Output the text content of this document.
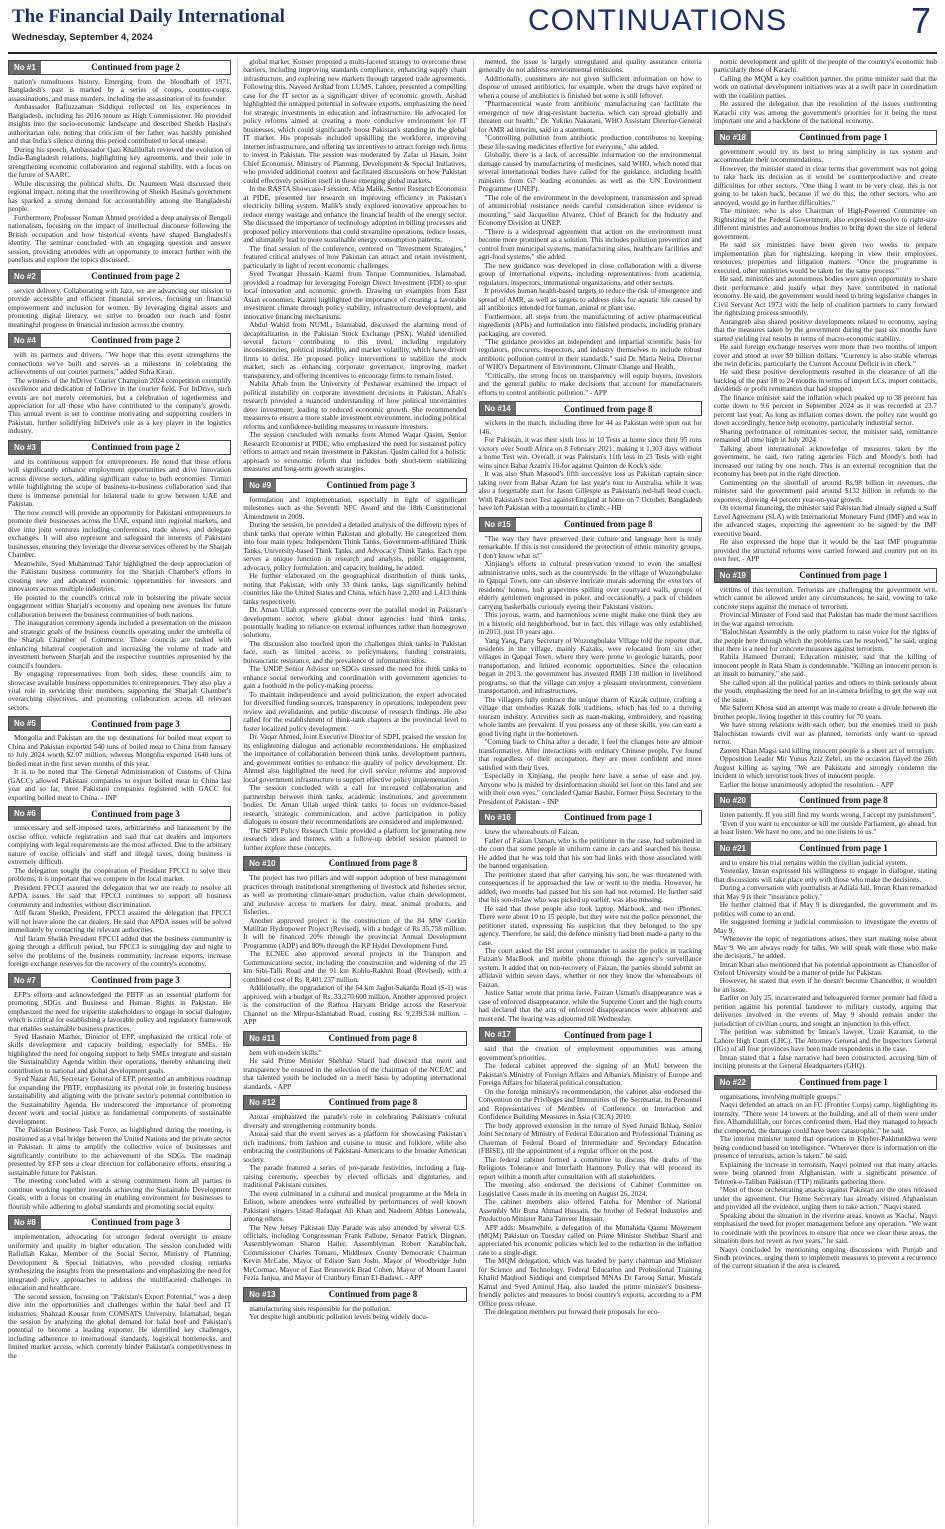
The Financial Daily International
Wednesday, September 4, 2024
CONTINUATIONS	7
No #1	Continued from page 2

nation's tumultuous history. Emerging from the bloodbath of 1971, Bangladesh's past is marked by a series of coups, counter-coups, assassinations, and mass murders, including the assassination of its founder.

Ambassador Rafiuzzaman Siddiqui reflected on his experiences in Bangladesh, including his 2016 tenure as High Commissioner. He provided insights into the socio-economic landscape and described Sheikh Hasina's authoritarian rule, noting that criticism of her father was harshly punished and that India's silence during this period contributed to local unease.

During his speech, Ambassador Qazi Khalilullah reviewed the evolution of India-Bangladesh relations, highlighting key agreements, and their role in strengthening economic collaboration and regional stability, with a focus on the future of SAARC.

While discussing the political shifts, Dr. Naumeen Wasi discussed their regional impact, noting that the overthrowing of Sheikh Hasina's government has sparked a strong demand for accountability among the Bangladeshi people.

Furthermore, Professor Noman Ahmed provided a deep analysis of Bengali nationalism, focusing on the impact of intellectual discourse following the British occupation and how historical events have shaped Bangladesh's identity. The seminar concluded with an engaging question and answer session, providing attendees with an opportunity to interact further with the panelists and explore the topics discussed.

No #2	Continued from page 2

service delivery. Collaborating with Jazz, we are advancing our mission to provide accessible and efficient financial services, focusing on financial empowerment and inclusion for women. By leveraging digital assets and promoting digital literacy, we strive to broaden our reach and foster meaningful progress in financial inclusion across the country.

No #4	Continued from page 2

with its partners and drivers. "We hope that this event strengthens the connections we've built and serves as a milestone in celebrating the achievements of our courier partners," added Sidra Kiran.

The winners of the InDrive Courier Champion 2024 competition exemplify excellence and dedication of InDrive in the courier field. For InDrive, such events are not merely ceremonies, but a celebration of togetherness and appreciation for all those who have contributed to the company's growth. This annual event is set to continue motivating and supporting couriers in Pakistan, further solidifying InDrive's role as a key player in the logistics industry.

No #3	Continued from page 2

and its continuous support for entrepreneurs. He noted that these efforts will significantly enhance employment opportunities and drive innovation across diverse sectors, adding significant value to both economies. Tirmizi while highlighting the scope of business-to-business collaboration said that there is immense potential for bilateral trade to grow between UAE and Pakistan.

The now council will provide an opportunity for Pakistani entrepreneurs to promote their businesses across the UAE, expand into regional markets, and dive into joint ventures including conferences, trade shows, and delegate exchanges. It will also represent and safeguard the interests of Pakistani businesses, ensuring they leverage the diverse services offered by the Sharjah Chamber.

Meanwhile, Syed Muhammad Tahir highlighted the deep appreciation of the Pakistani business community for the Sharjah Chamber's efforts in creating new and advanced economic opportunities for investors and innovators across multiple industries.

He pointed to the council's critical role in bolstering the private sector engagement within Sharjah's economy and opening new avenues for future collaboration between the business communities of both nations.

The inauguration ceremony agenda included a presentation on the mission and strategic goals of the business councils operating under the umbrella of the Sharjah Chamber of Commerce. These councils are tasked with enhancing bilateral cooperation and increasing the volume of trade and investment between Sharjah and the respective countries represented by the council's founders.

By engaging representatives from both sides, these councils aim to showcase available business opportunities to entrepreneurs. They also play a vital role in servicing their members, supporting the Sharjah Chamber's overarching objectives, and promoting collaboration across all relevant sectors.

No #5	Continued from page 3

Mongolia and Pakistan are the top destinations for boiled meat export to China and Pakistan exported 540 tons of boiled meat to China from January to July 2024 worth $2.07 million, whereas Mongolia exported 1640 tons of boiled meat in the first seven months of this year.

It is to be noted that The General Administration of Customs of China (GACC) allowed Pakistani companies to export boiled meat to China last year and so far, three Pakistani companies registered with GACC for exporting boiled meat to China. - INP

No #6	Continued from page 3

unnecessary and self-imposed taxes, arbitrariness and harassment by the excise office, vehicle registration and said that car dealers and importers complying with legal requirements are the most affected. Due to the arbitrary nature of excise officials and staff and illegal taxes, doing business is extremely difficult.

The delegation sought the cooperation of President FPCCI to solve their problems, it is important that we compete in the local market.

President FPCCI assured the delegation that we are ready to resolve all APDA issues. He said that FPCCI continues to support all business community and industries without discrimination.

Atif Ikram Sheikh, President, FPCCI assured the delegation that FPCCI will not leave alone the car dealers. He said that APDA issues will be solved immediately by contacting the relevant authorities.

Atif Ikram Sheikh President FPCCI added that the business community is going through a difficult period, but FPCCI is struggling day and night to solve the problems of the business community, increase exports, increase foreign exchange reserves for the recovery of the country's economy.

No #7	Continued from page 3

EFP's efforts and acknowledged the PBTF as an essential platform for promoting SDGs and Business and Human Rights in Pakistan. He emphasized the need for tripartite stakeholders to engage in social dialogue, which is critical for establishing a favorable policy and regulatory framework that enables sustainable business practices.

Syed Hasnain Mazher, Director of EFP, emphasized the critical role of skills development and capacity building, especially for SMEs. He highlighted the need for ongoing support to help SMEs integrate and sustain the Sustainability Agenda within their operations, thereby enhancing their contribution to national and global development goals.

Syed Nazar Ali, Secretary General of EFP, presented an ambitious roadmap for expanding the PBTF, emphasizing its pivotal role in fostering business sustainability and aligning with the private sector's potential contribution to the Sustainability Agenda. He underscored the importance of promoting decent work and social justice as fundamental components of sustainable development.

The Pakistan Business Task Force, as highlighted during the meeting, is positioned as a vital bridge between the United Nations and the private sector in Pakistan. It aims to amplify the collective voice of businesses and significantly contribute to the achievement of the SDGs. The roadmap presented by EFP sets a clear direction for collaborative efforts, ensuring a sustainable future for Pakistan.

The meeting concluded with a strong commitment from all parties to continue working together towards achieving the Sustainable Development Goals, with a focus on creating an enabling environment for businesses to flourish while adhering to global standards and promoting social equity.

No #8	Continued from page 3

implementation, advocating for stronger federal oversight to ensure uniformity and quality in higher education. The session concluded with Rafiullah Kakar, Member of the Social Sector, Ministry of Planning, Development & Special Initiatives, who provided closing remarks synthesizing the insights from the presentations and emphasizing the need for integrated policy approaches to address the multifaceted challenges in education and healthcare.

The second session, focusing on "Pakistan's Export Potential," was a deep dive into the opportunities and challenges within the halal beef and IT industries. Shahzad Kousar from COMSATS University, Islamabad, began the session by analyzing the global demand for halal beef and Pakistan's potential to become a leading exporter. He identified key challenges, including adherence to international standards, logistical bottlenecks, and limited market access, which currently hinder Pakistan's competitiveness in the

global market. Kouser proposed a multi-faceted strategy to overcome these barriers, including improving standards compliance, enhancing supply chain infrastructure, and exploring new markets through targeted trade agreements. Following this, Naveed Arshad from LUMS, Lahore, presented a compelling case for the IT sector as a significant driver of economic growth. Arshad highlighted the untapped potential in software exports, emphasizing the need for strategic investments in education and infrastructure. He advocated for policy reforms aimed at creating a more conducive environment for IT businesses, which could significantly boost Pakistan's standing in the global IT market. His proposals included upskilling the workforce, improving internet infrastructure, and offering tax incentives to attract foreign tech firms to invest in Pakistan. The session was moderated by Zafar ul Hasan, Joint Chief Economist, Ministry of Planning, Development & Special Initiatives, who provided additional context and facilitated discussions on how Pakistan could effectively position itself in these emerging global markets.

In the RASTA Showcase-I session, Afia Malik, Senior Research Economist at PIDE, presented her research on improving efficiency in Pakistan's electricity billing system. Malik's study explored innovative approaches to reduce energy wastage and enhance the financial health of the energy sector. She discussed the importance of technology adoption in billing processes and proposed policy interventions that could streamline operations, reduce losses, and ultimately lead to more sustainable energy consumption patterns.

The final session of the conference, centered on "Investment Strategies," featured critical analyses of how Pakistan can attract and retain investment, particularly in light of recent economic challenges.

Syed Twangar Hussain Kazmi from Torque Communities, Islamabad, provided a roadmap for leveraging Foreign Direct Investment (FDI) to spur local innovation and economic growth. Drawing on examples from East Asian economies, Kazmi highlighted the importance of creating a favorable investment climate through policy stability, infrastructure development, and innovative financing mechanisms.

Abdul Wahid from NUML, Islamabad, discussed the alarming trend of decapitalization in the Pakistan Stock Exchange (PSX). Wahid identified several factors contributing to this trend, including regulatory inconsistencies, political instability, and market volatility, which have driven firms to delist. He proposed policy interventions to stabilize the stock market, such as enhancing corporate governance, improving market transparency, and offering incentives to encourage firms to remain listed.

Nabila Aftab from the University of Peshawar examined the impact of political instability on corporate investment decisions in Pakistan. Aftab's research provided a nuanced understanding of how political uncertainties deter investment, leading to reduced economic growth. She recommended measures to ensure a more stable investment environment, including political reforms and confidence-building measures to reassure investors.

The session concluded with remarks from Ahmed Waqar Qasim, Senior Research Economist at PIDE, who emphasized the need for sustained policy efforts to attract and retain investment in Pakistan. Qasim called for a holistic approach to economic reform that includes both short-term stabilizing measures and long-term growth strategies.

No #9	Continued from page 3

formulation and implementation, especially in light of significant milestones such as the Seventh NFC Award and the 18th Constitutional Amendment in 2009.

During the session, he provided a detailed analysis of the different types of think tanks that operate within Pakistan and globally. He categorized them into four main types: Independent Think Tanks, Government-affiliated Think Tanks, University-based Think Tanks, and Advocacy Think Tanks. Each type serves a unique function in research and analysis, public engagement, advocacy, policy formulation, and capacity building, he added.

He further elaborated on the geographical distribution of think tanks, noting that Pakistan, with only 33 think tanks, lags significantly behind countries like the United States and China, which have 2,203 and 1,413 think tanks respectively.

Dr. Aman Ullah expressed concerns over the parallel model in Pakistan's development sector, where global donor agencies fund think tanks, potentially leading to reliance on external influences rather than homegrown solutions.

The discussion also touched upon the challenges think tanks in Pakistan face, such as limited access to policymakers, funding constraints, bureaucratic resistance, and the prevalence of information silos.

The UNDP Senior Advisor on SDGs stressed the need for think tanks to enhance social networking and coordination with government agencies to gain a foothold in the policy-making process.

To maintain independence and avoid politicization, the expert advocated for diversified funding sources, transparency in operations, independent peer review and revalidation, and public discourse of research findings. He also called for the establishment of think-tank chapters at the provincial level to foster localized policy development.

Dr. Vaqar Ahmed, Joint Executive Director of SDPI, praised the session for its enlightening dialogue and actionable recommendations. He emphasized the importance of collaboration between think tanks, development partners, and government entities to enhance the quality of policy development. Dr. Ahmed also highlighted the need for civil service reforms and improved local government infrastructure to support effective policy implementation.

The session concluded with a call for increased collaboration and partnership between think tanks, academic institutions, and government bodies. Dr. Aman Ullah urged think tanks to focus on evidence-based research, strategic communication, and active participation in policy dialogues to ensure their recommendations are considered and implemented.

The SDPI Policy Research Clinic provided a platform for generating new research ideas and themes, with a follow-up debrief session planned to further explore these concepts.

No #10	Continued from page 8

The project has two pillars and will support adoption of best management practices through institutional strengthening of livestock and fisheries sector, as well as promoting climate-smart production, value chain development, and inclusive access to markets for dairy, meat, animal products, and fisheries.

Another approved project is the construction of the 84 MW Gorkin Matiltan Hydropower Project (Revised), with a budget of Rs 35,758 million. It will be financed 20% through the provincial Annual Development Programme (ADP) and 80% through the KP Hydel Development Fund.

The ECNEC also approved several projects in the Transport and Communications sector, including the construction and widening of the 25 km Sibi-Talli Road and the 91 km Kohlu-Rakhni Road (Revised), with a combined cost of Rs. 8,401.237 million.

Additionally, the upgradation of the 64 km Jaglot-Sakarda Road (S-1) was approved, with a budget of Rs. 33,270.600 million. Another approved project is the construction of the Rathoa Haryam Bridge across the Reservoir Channel on the Mirpur-Islamabad Road, costing Rs. 9,239.534 million. - APP

No #11	Continued from page 8

hem with modern skills."

He said Prime Minister Shehbaz Sharif had directed that merit and transparency be ensured in the selection of the chairman of the NCEAC and that talented youth be included on a merit basis by adopting international standards. - APP

No #12	Continued from page 8

Atozai emphasized the parade's role in celebrating Pakistan's cultural diversity and strengthening community bonds.

Atozai said that the event serves as a platform for showcasing Pakistan's rich traditions, from fashion and cuisine to music and folklore, while also embracing the contributions of Pakistani-Americans to the broader American society.

The parade featured a series of pre-parade festivities, including a flag-raising ceremony, speeches by elected officials and dignitaries, and traditional Pakistani cuisines.

The event culminated in a cultural and musical programme at the Mela in Edison, where attendees were enthralled by performances of well known Pakistani singers Ustad Rafaqaat Ali Khan and Nadeem Abbas Lonewala, among others.

The New Jersey Pakistan Day Parade was also attended by several U.S. officials, including Congressman Frank Pallone, Senator Patrick Diegnan, Assemblywoman Sharon Hailer, Assemblyman Robert Karabinchak, Commissioner Charles Tomaro, Middlesex County Democratic Chairman Kevin McCabe, Mayor of Edison Sam Joshi, Mayor of Woodbridge John McCormac, Mayor of East Brunswick Brad Cohen, Mayor of Mount Laurel Fezia Janjua, and Mayor of Cranbury Eman El-Badawi. - APP

No #13	Continued from page 8

manufacturing sites responsible for the pollution.

Yet despite high antibiotic pollution levels being widely docu-

mented, the issue is largely unregulated and quality assurance criteria generally do not address environmental emissions.

Additionally, consumers are not given sufficient information on how to dispose of unused antibiotics, for example, when the drugs have expired or when a course of antibiotics is finished but some is still leftover.

"Pharmaceutical waste from antibiotic manufacturing can facilitate the emergence of new drug-resistant bacteria, which can spread globally and threaten our health," Dr. Yukiko Nakatani, WHO Assistant Director-General for AMR ad interim, said in a statement.

"Controlling pollution from antibiotic production contributes to keeping these life-saving medicines effective for everyone," she added.

Globally, there is a lack of accessible information on the environmental damage caused by manufacturing of medicines, said WHO, which noted that several international bodies have called for the guidance, including health ministers from G7 leading economies as well as the UN Environment Programme (UNEP).

"The role of the environment in the development, transmission and spread of antimicrobial resistance needs careful consideration since evidence is mounting," said Jacqueline Alvarez, Chief of Branch for the Industry and Economy Division at UNEP.

"There is a widespread agreement that action on the environment must become more prominent as a solution. This includes pollution prevention and control from municipal systems, manufacturing sites, healthcare facilities and agri-food systems," she added.

The new guidance was developed in close collaboration with a diverse group of international experts, including representatives from academia, regulators, inspectors, international organizations, and other sectors.

It provides human health-based targets to reduce the risk of emergence and spread of AMR, as well as targets to address risks for aquatic life caused by all antibiotics intended for human, animal or plant use.

Furthermore, all steps from the manufacturing of active pharmaceutical ingredients (APIs) and formulation into finished products, including primary packaging, are covered.

"The guidance provides an independent and impartial scientific basis for regulators, procurers, inspectors, and industry themselves to include robust antibiotic pollution control in their standards," said Dr. Maria Neira, Director of WHO's Department of Environment, Climate Change and Health.

"Critically, the strong focus on transparency will equip buyers, investors and the general public to make decisions that account for manufacturers efforts to control antibiotic pollution." - APP

No #14	Continued from page 8

wickets in the match, including three for 44 as Pakistan were spun out for 146.

For Pakistan, it was their sixth loss in 10 Tests at home since their 95 runs victory over South Africa on 8 February 2021, making it 1,303 days without a home Test win. Overall, it was Pakistan's 11th loss in 23 Tests with eight wins since Babar Azam's 10-for against Quinton de Kock's side.

It was also Shan Masood's fifth successive loss as Pakistan captain since taking over from Babar Azam for last year's tour to Australia, while it was also a forgettable start for Jason Gillespie as Pakistan's red-ball head coach. With Pakistan's next Test against England at home on 7 October, Bangladesh have left Pakistan with a mountain to climb. - HB

No #15	Continued from page 8

"The way they have preserved their culture and language here is truly remarkable. If this is not considered the protection of ethnic minority groups, I don't know what is!"

Xinjiang's efforts in cultural preservation extend to even the smallest administrative units, such as the countryside. In the village of Wuzongbulake in Qapqal Town, one can observe intricate murals adorning the exteriors of residents' homes, lush grapevines spilling over courtyard walls, groups of elderly gentlemen engrossed in poker, and occasionally, a pack of children carrying basketballs curiously eyeing their Pakistani visitors.

This joyous, warm, and harmonious scene might make one think they are in a historic old neighborhood, but in fact, this village was only established in 2013, just 10 years ago.

Yang Yang, Party Secretary of Wuzongbulake Village told the reporter that, residents in the village, mainly Kazaks, were relocated from six other villages in Qapqal Town, where they were prone to geologic hazards, poor transportation, and limited economic opportunities. Since the relocation began in 2013, the government has invested RMB 130 million in livelihood programs, so that the village can enjoy a pleasant environment, convenient transportation, and infrastructures.

The villagers fully embrace the unique charm of Kazak culture, crafting a village that embodies Kazak folk traditions, which has led to a thriving tourism industry. Activities such as naan-making, embroidery, and roasting whole lambs are prevalent. If you possess any of these skills, you can earn a good living right in the hometown.

"Coming back to China after a decade, I feel the changes here are almost transformative. After interactions with ordinary Chinese people, I've found that regardless of their occupation, they are more confident and more satisfied with their lives.

Especially in Xinjiang, the people here have a sense of ease and joy. Anyone who is misled by disinformation should set foot on this land and see with their own eyes," concluded Qamar Bashir, Former Press Secretary to the President of Pakistan. - INP

No #16	Continued from page 1

knew the whereabouts of Faizan.

Father of Faizan Usman, who is the petitioner in the case, had submitted in the court that some people in uniform came in cars and searched his house. He added that he was told that his son had links with those associated with the banned organisation.

The petitioner stated that after carrying his son, he was threatened with consequences if he approached the law or went to the media. However, he added, two months had passed but his son had not returned. He further said that his son-in-law who was picked up earlier, was also missing.

He said that those people also took laptop, Macbook, and two iPhones. There were about 10 to 15 people, but they were not the police personnel, the petitioner stated, expressing his suspicion that they belonged to the spy agency. Therefore, he said, the defence ministry had been made a party to the case.

The court asked the ISI sector commander to assist the police in tracking Faizan's MacBook and mobile phone through the agency's surveillance system. It added that on non-recovery of Faizan, the parties should submit an affidavit within seven days, whether or not they know the whereabouts of Faizan.

Justice Sattar wrote that prima facie, Faizan Usman's disappearance was a case of enforced disappearance, while the Supreme Court and the high courts had declared that the acts of enforced disappearances were abhorrent and must end. The hearing was adjourned till Wednesday.

No #17	Continued from page 1

said that the creation of employment opportunities was among government's priorities.

The federal cabinet approved the signing of an MoU between the Pakistan's Ministry of Foreign Affairs and Albania's Ministry of Europe and Foreign Affairs for bilateral political consultation.

On the foreign ministry's recommendation, the cabinet also endorsed the Convention on the Privileges and Immunities of the Secretariat, its Personnel and Representatives of Members of Conference on Interaction and Confidence Building Measures in Asia (CICA) 2010.

The body approved extension in the tenure of Syed Junaid Ikhlaq, Senior Joint Secretary of Ministry of Federal Education and Professional Training as Chairman of Federal Board of Intermediate and Secondary Education (FBISE), till the appointment of a regular officer on the post.

The federal cabinet formed a committee to discuss the drafts of the Religious Tolerance and Interfaith Harmony Policy that will proceed its report within a month after consultation with all stakeholders.

The meeting also endorsed the decisions of Cabinet Committee on Legislative Cases made in its meeting on August 26, 2024.

The cabinet members also offered Fateha for Member of National Assembly Mir Buna Ahmad Hussain, the brother of Federal Industries and Production Minister Rana Tanveer Hussain.

APP adds: Meanwhile, a delegation of the Muttahida Qaumi Movement (MQM) Pakistan on Tuesday called on Prime Minister Shehbaz Sharif and appreciated his economic policies which led to the reduction in the inflation rate to a single-digit.

The MQM delegation, which was headed by party chairman and Minister for Science and Technology, Federal Education and Professional Training Khalid Maqbool Siddiqui and comprised MNAs Dr Farooq Sattar, Mustafa Kamal and Syed Aminul Haq, also lauded the prime minister's business-friendly policies and measures to boost country's exports, according to a PM Office press release.

The delegation members put forward their proposals for eco-

nomic development and uplift of the people of the country's economic hub particularly those of Karachi.

Calling the MQM a key coalition partner, the prime minister said that the work on national development initiatives was at a swift pace in coordination with the coalition parties.

He assured the delegation that the resolution of the issues confronting Karachi city was among the government's priorities for it being the most important one and a backbone of the national economy.

No #18	Continued from page 1

government would try its best to bring simplicity in tax system and accommodate their recommendations.

However, the minister stated in clear terms that government was not going to take back its decision as it would be counterproductive and create difficulties for other sectors. "One thing I want to be very clear, this is not going to be taken back, because if we do this, the other sectors, who are annoyed, would go in further difficulties."

The minister, who is also Chairman of High-Powered Committee on Rightsizing of the Federal Government, also expressed resolve to right-size different ministries and autonomous bodies to bring down the size of federal government.

He said six ministries have been given two weeks to prepare implementation plan for rightsizing, keeping in view their employees, resources, properties and litigation matters. "Once the programme is executed, other ministries would be taken for the same process."

He said, ministries and autonomous bodies were given opportunity to share their performance and justify what they have contributed in national economy. He said, the government would need to bring legislative changes in Civil Servant Act 1973 with the help of coalition partners to carry forward the rightsizing process smoothly.

Aurangzeb also shared positive developments related to economy, saying that the measures taken by the government during the past six months have started yielding real results in terms of macro-economic stability.

He said foreign exchange reserves were more than two months of import cover and stood at over $9 billion dollars. "Currency is also stable whereas the twin deficits, particularly the Current Account Deficit is in check."

He said these positive developments resulted in the clearance of all the backlog of the past 18 to 24 months in terms of import LCs, import contracts, dividends or profit remittances that had stopped.

The finance minister said the inflation which peaked up to 38 percent has come down to 9.6 percent in September 2024 as it was recorded at 23.7 percent last year. As long as inflation comes down, the policy rate would go down accordingly, hence help economy, particularly industrial sector.

Sharing performance of remittances sector, the minister said, remittance remained all time high in July 2024.

Talking about international acknowledge of measures taken by the government, he said, two rating agencies Fitch and Moody's both had increased our rating by one notch. This is an external recognition that the economy has been put in the right direction.

Commenting on the shortfall of around Rs.98 billion in revenues, the minister said the government paid around $132 billion in refunds to the exporters, showing 44 percent year-on-year growth.

On external financing, the minister said Pakistan had already signed a Staff Level Agreement (SLA) with International Monetary Fund (IMF) and was in the advanced stages, expecting the agreement to be signed by the IMF executive board.

He also expressed the hope that it would be the last IMF programme provided the structural reforms were carried forward and country put on its own feet. - APP

No #19	Continued from page 1

victims of this terrorism. Terrorists are challenging the government writ, which cannot be allowed under any circumstances, he said, vowing to take concrete steps against the menace of terrorism.

Provincial Minister of Food said that Pakistan has made the most sacrifices in the war against terrorism.

"Balochistan Assembly is the only platform to raise voice for the rights of the people here through which the problems can be resolved," he said, urging that there is a need for concrete measures against terrorism.

Rahila Hameed Durrani, Education minister, said that the killing of innocent people in Rara Sham is condemnable. "Killing an innocent person is an insult to humanity," she said.

She called upon all the political parties and others to think seriously about the youth, emphasizing the need for an in-camera briefing to get the way out of the issue.

Mir Saleem Khosa said an attempt was made to create a divide between the brother people, living together in this country for 70 years.

We have strong relations with each other, but the enemies tried to push Balochistan towards civil war as planned, terrorists only want to spread terror.

Zareen Khan Magsi said killing innocent people is a sheer act of terrorism.

Opposition Leader Mir Yunus Aziz Zehri, on the occasion flayed the 26th August killing as saying "We are Pakistani and strongly condemn the incident in which terrorist took lives of innocent people.

Earlier the house unanimously adopted the resolution. - APP

No #20	Continued from page 8

listen patiently. If you still find my words wrong, I accept my punishment".

"Even if you want to encounter or kill me outside Parliament, go ahead, but at least listen. We have no one, and no one listens to us."

No #21	Continued from page 1

and to ensure his trial remains within the civilian judicial system.

Yesterday, Imran expressed his willingness to engage in dialogue, stating that discussions will take place only with those who make the decisions.

During a conversation with journalists at Adiala Jail, Imran Khan remarked that May 9 is their "insurance policy."

He further claimed that if May 9 is disregarded, the government and its politics will come to an end.

He suggested forming a judicial commission to investigate the events of May 9.

"Whenever the topic of negotiations arises, they start making noise about May 9. We are always ready for talks. We will speak with those who make the decisions," he added.

Imran Khan also mentioned that his potential appointment as Chancellor of Oxford University would be a matter of pride for Pakistan.

However, he stated that even if he doesn't become Chancellor, it wouldn't be an issue.

Earlier on July 25, incarcerated and beleaguered former premier had filed a petition against his potential handover to military custody, arguing that deliveries involved in the events of May 9 should remain under the jurisdiction of civilian courts, and sought an injunction to this effect.

The petition was submitted by Imran's lawyer, Uzair Karamat, to the Lahore High Court (LHC). The Attorney General and the Inspectors General (IGs) of all four provinces have been made respondents in the case.

Imran stated that a false narrative had been constructed, accusing him of inciting protests at the General Headquarters (GHQ).

No #22	Continued from page 1

organisations, involving multiple groups."

Naqvi defended an attack on an FC (Frontier Corps) camp, highlighting its intensity. "There were 14 towers at the building, and all of them were under fire. Alhamdulillah, our forces confronted them. Had they managed to breach the compound, the damage could have been catastrophic," he said.

The interior minister noted that operations in Khyber-Pakhtunkhwa were being conducted based on intelligence. "Wherever there is information on the presence of terrorists, action is taken," he said.

Explaining the increase in terrorism, Naqvi pointed out that many attacks were being planned from Afghanistan, with a significant presence of Tehreek-e-Taliban Pakistan (TTP) militants gathering there.

"Most of those orchestrating attacks against Pakistan are the ones released under the agreement. Our Home Secretary has already visited Afghanistan and provided all the evidence, urging them to take action," Naqvi stated.

Speaking about the situation in the riverine areas, known as 'Kacha', Naqvi emphasised the need for proper management before any operation. "We want to coordinate with the provinces to ensure that once we clear these areas, the situation does not revert as two years," he said.

Naqvi concluded by mentioning ongoing discussions with Punjab and Sindh provinces, urging them to implement measures to prevent a recurrence of the current situation if the area is cleared.
